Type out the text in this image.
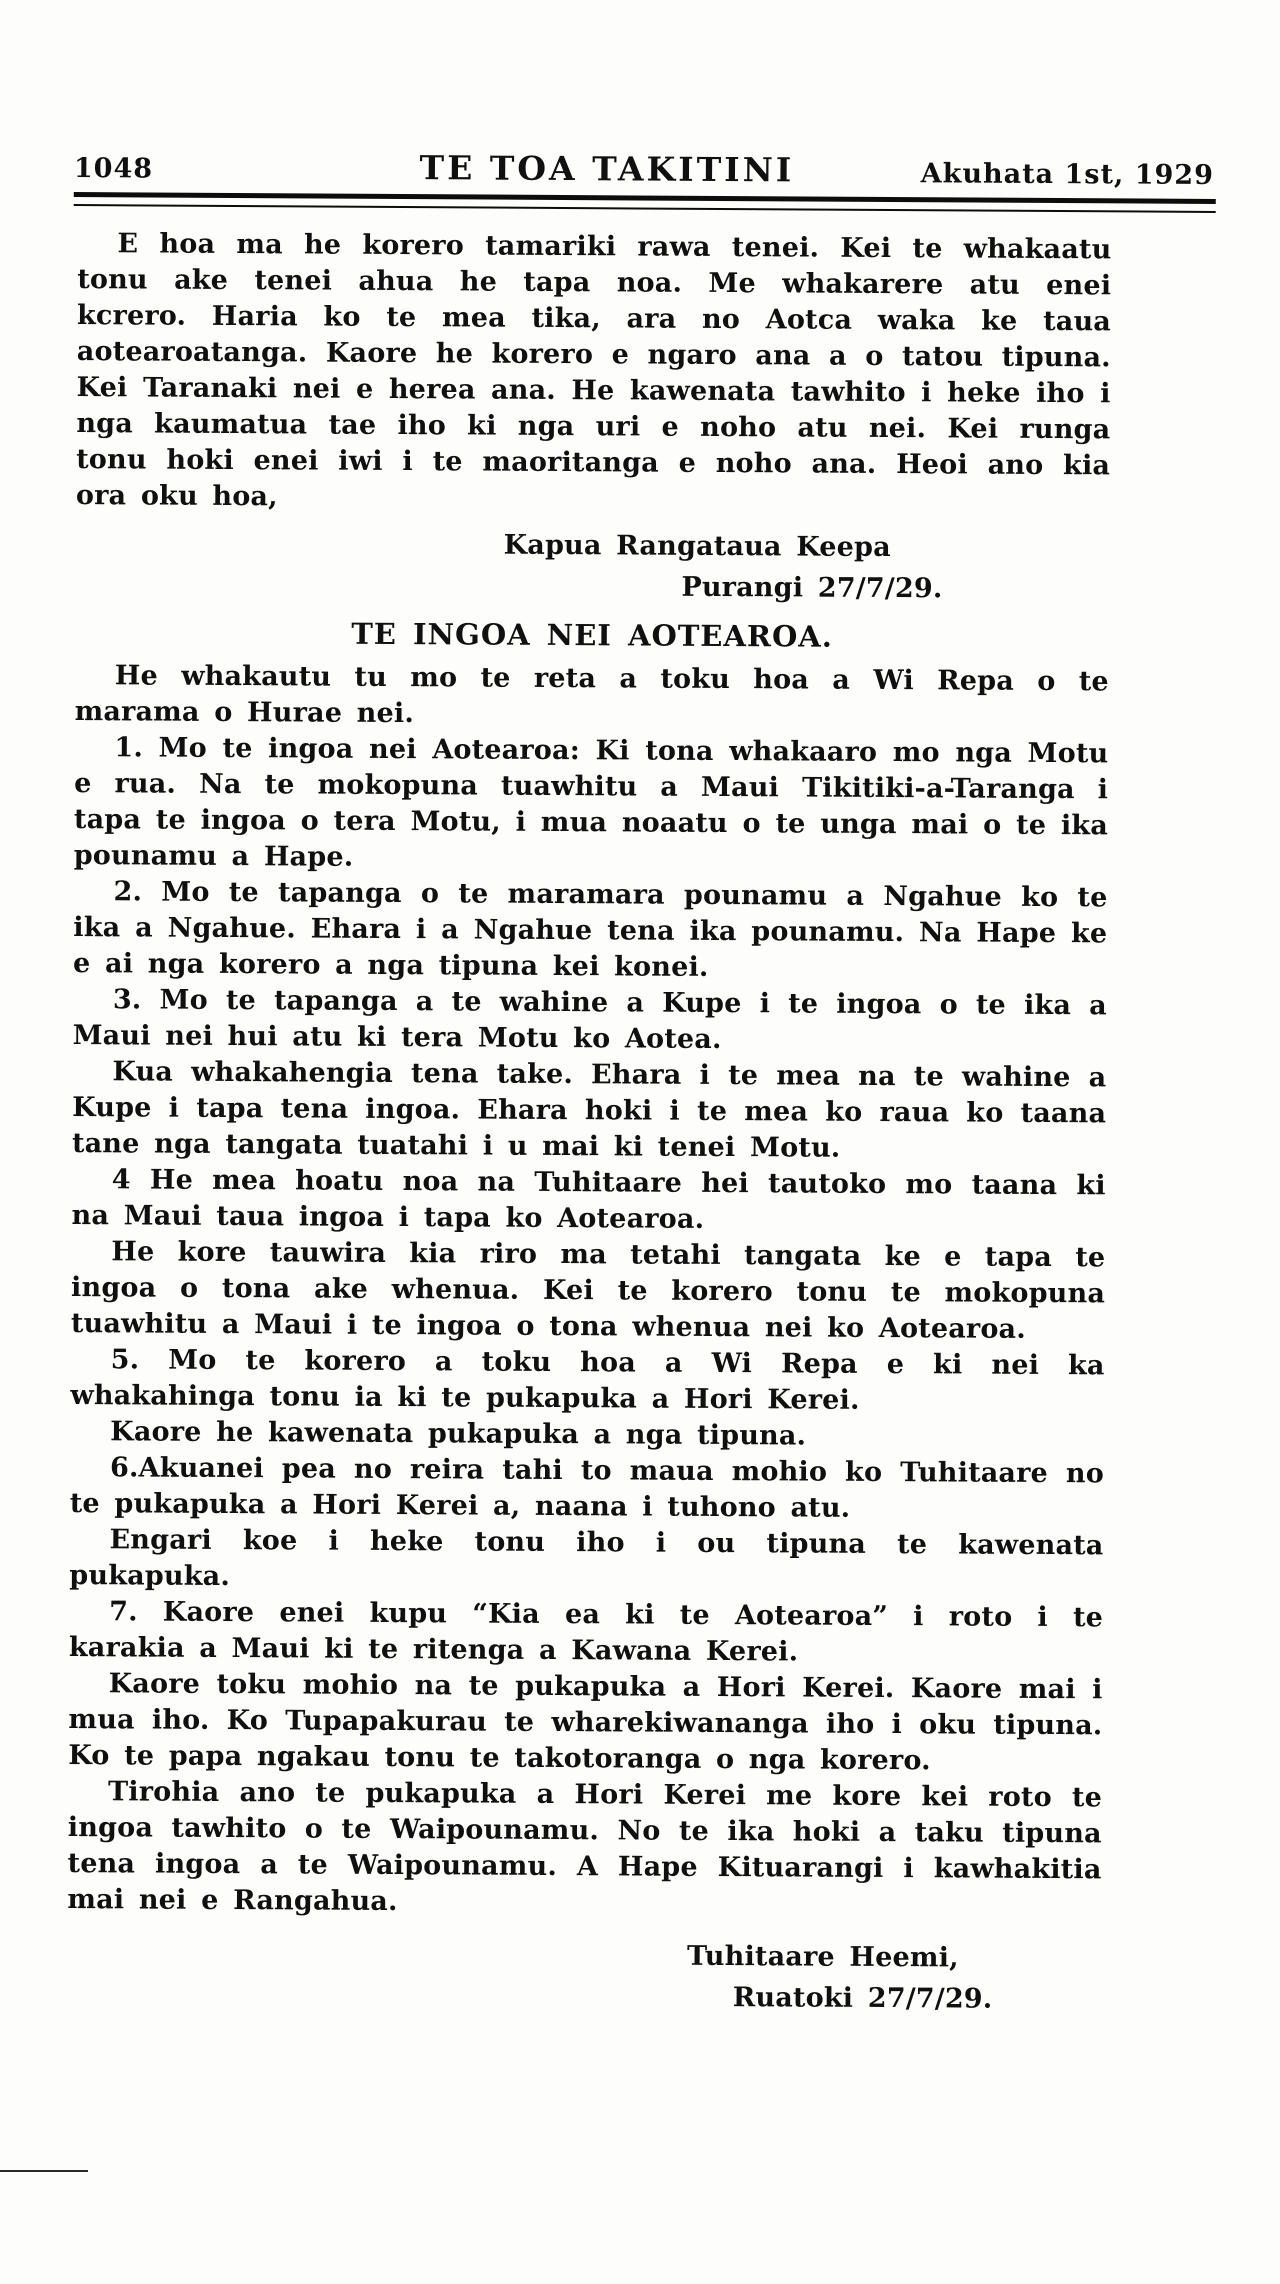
1048	TE TOA TAKITINI	Akuhata 1st, 1929

E hoa ma he korero tamariki rawa tenei. Kei te whakaatu tonu ake tenei ahua he tapa noa. Me whakarere atu enei kcrero. Haria ko te mea tika, ara no Aotca waka ke taua aotearoatanga. Kaore he korero e ngaro ana a o tatou tipuna. Kei Taranaki nei e herea ana. He kawenata tawhito i heke iho i nga kaumatua tae iho ki nga uri e noho atu nei. Kei runga tonu hoki enei iwi i te maoritanga e noho ana. Heoi ano kia ora oku hoa,

Kapua Rangataua Keepa
Purangi 27/7/29.
TE INGOA NEI AOTEAROA.

He whakautu tu mo te reta a toku hoa a Wi Repa o te marama o Hurae nei.

1. Mo te ingoa nei Aotearoa: Ki tona whakaaro mo nga Motu e rua. Na te mokopuna tuawhitu a Maui Tikitiki-a-Taranga i tapa te ingoa o tera Motu, i mua noaatu o te unga mai o te ika pounamu a Hape.

2. Mo te tapanga o te maramara pounamu a Ngahue ko te ika a Ngahue. Ehara i a Ngahue tena ika pounamu. Na Hape ke e ai nga korero a nga tipuna kei konei.

3. Mo te tapanga a te wahine a Kupe i te ingoa o te ika a Maui nei hui atu ki tera Motu ko Aotea.

Kua whakahengia tena take. Ehara i te mea na te wahine a Kupe i tapa tena ingoa. Ehara hoki i te mea ko raua ko taana tane nga tangata tuatahi i u mai ki tenei Motu.

4 He mea hoatu noa na Tuhitaare hei tautoko mo taana ki na Maui taua ingoa i tapa ko Aotearoa.

He kore tauwira kia riro ma tetahi tangata ke e tapa te ingoa o tona ake whenua. Kei te korero tonu te mokopuna tuawhitu a Maui i te ingoa o tona whenua nei ko Aotearoa.

5. Mo te korero a toku hoa a Wi Repa e ki nei ka whakahinga tonu ia ki te pukapuka a Hori Kerei.

Kaore he kawenata pukapuka a nga tipuna.

6.Akuanei pea no reira tahi to maua mohio ko Tuhitaare no te pukapuka a Hori Kerei a, naana i tuhono atu.

Engari koe i heke tonu iho i ou tipuna te kawenata pukapuka.

7. Kaore enei kupu “Kia ea ki te Aotearoa” i roto i te karakia a Maui ki te ritenga a Kawana Kerei.

Kaore toku mohio na te pukapuka a Hori Kerei. Kaore mai i mua iho. Ko Tupapakurau te wharekiwananga iho i oku tipuna. Ko te papa ngakau tonu te takotoranga o nga korero.

Tirohia ano te pukapuka a Hori Kerei me kore kei roto te ingoa tawhito o te Waipounamu. No te ika hoki a taku tipuna tena ingoa a te Waipounamu. A Hape Kituarangi i kawhakitia mai nei e Rangahua.

Tuhitaare Heemi,
Ruatoki 27/7/29.
